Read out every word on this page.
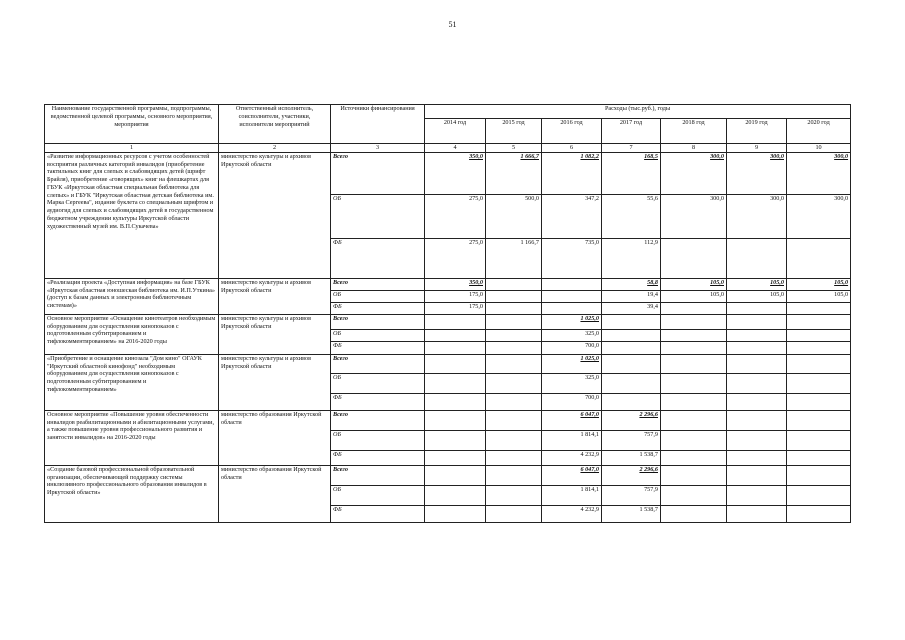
51
Наименование государственной программы, подпрограммы, ведомственной целевой программы, основного мероприятия, мероприятия	Ответственный исполнитель, соисполнители, участники, исполнители мероприятий	Источники финансирования	Расходы (тыс.руб.), годы						
			2014 год	2015 год	2016 год	2017 год	2018 год	2019 год	2020 год
1	2	3	4	5	6	7	8	9	10
«Развитие информационных ресурсов с учетом особенностей восприятия различных категорий инвалидов (приобретение тактильных книг для слепых и слабовидящих детей (шрифт Брайля), приобретение «говорящих» книг на флешкартах для ГБУК «Иркутская областная специальная библиотека для слепых» и ГБУК "Иркутская областная детская библиотека им. Марка Сергеева", издание буклета со специальным шрифтом и аудиогид для слепых и слабовидящих детей в государственном бюджетном учреждении культуры Иркутской области художественный музей им. В.П.Сукачева»	министерство культуры и архивов Иркутской области	Всего	350,0	1 666,7	1 082,2	168,5	300,0	300,0	300,0
		ОБ	275,0	500,0	347,2	55,6	300,0	300,0	300,0
		ФБ	275,0	1 166,7	735,0	112,9			
«Реализация проекта «Доступная информация» на базе ГБУК «Иркутская областная юношеская библиотека им. И.П.Уткина» (доступ к базам данных и электронным библиотечным системам)»	министерство культуры и архивов Иркутской области	Всего	350,0			58,8	105,0	105,0	105,0
		ОБ	175,0			19,4	105,0	105,0	105,0
		ФБ	175,0			39,4			
Основное мероприятие «Оснащение кинотеатров необходимым оборудованием для осуществления кинопоказов с подготовленным субтитрированием и тифлокомментированием» на 2016-2020 годы	министерство культуры и архивов Иркутской области	Всего			1 025,0				
		ОБ			325,0				
		ФБ			700,0				
«Приобретение и оснащение кинозала "Дом кино" ОГАУК "Иркутский областной кинофонд" необходимым оборудованием для осуществления кинопоказов с подготовленным субтитрированием и тифлокомментированием»	министерство культуры и архивов Иркутской области	Всего			1 025,0				
		ОБ			325,0				
		ФБ			700,0				
Основное мероприятие «Повышение уровня обеспеченности инвалидов реабилитационными и абилитационными услугами, а также повышение уровня профессионального развития и занятости инвалидов» на 2016-2020 годы	министерство образования Иркутской области	Всего			6 047,0	2 296,6			
		ОБ			1 814,1	757,9			
		ФБ			4 232,9	1 538,7			
«Создание базовой профессиональной образовательной организации, обеспечивающей поддержку системы инклюзивного профессионального образования инвалидов в Иркутской области»	министерство образования Иркутской области	Всего			6 047,0	2 296,6			
		ОБ			1 814,1	757,9			
		ФБ			4 232,9	1 538,7			
